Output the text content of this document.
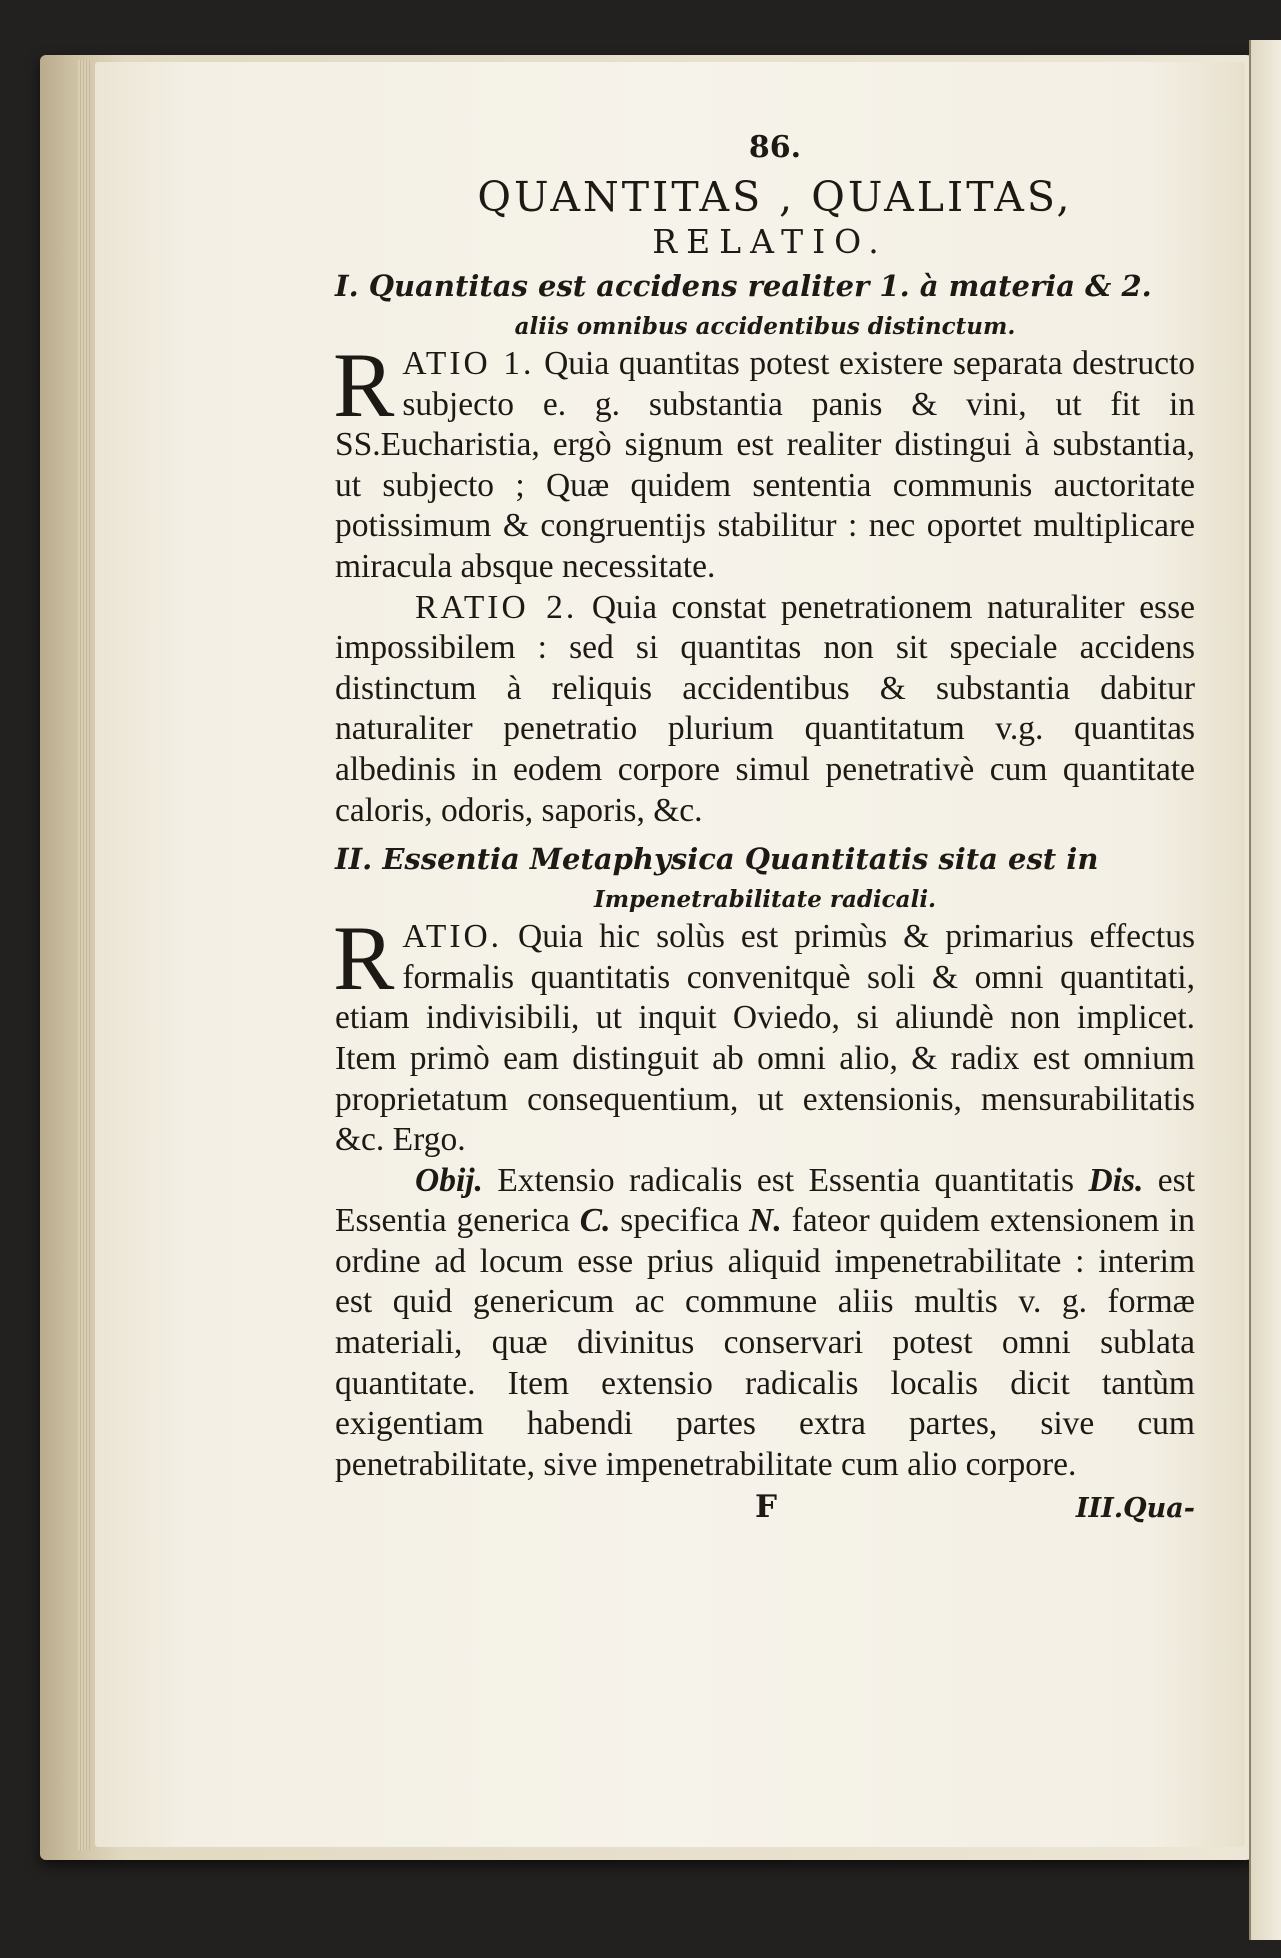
86.
QUANTITAS , QUALITAS,
RELATIO.
I. Quantitas est accidens realiter 1. à materia & 2.
aliis omnibus accidentibus distinctum.

R ATIO 1. Quia quantitas potest existere separata destructo subjecto e. g. substantia panis & vini, ut fit in SS.Eucharistia, ergò signum est realiter distingui à substantia, ut subjecto ; Quæ quidem sententia communis auctoritate potissimum & congruentijs stabilitur : nec oportet multiplicare miracula absque necessitate.

RATIO 2. Quia constat penetrationem naturaliter esse impossibilem : sed si quantitas non sit speciale accidens distinctum à reliquis accidentibus & substantia dabitur naturaliter penetratio plurium quantitatum v.g. quantitas albedinis in eodem corpore simul penetrativè cum quantitate caloris, odoris, saporis, &c.

II. Essentia Metaphysica Quantitatis sita est in
Impenetrabilitate radicali.

R ATIO. Quia hic solùs est primùs & primarius effectus formalis quantitatis convenitquè soli & omni quantitati, etiam indivisibili, ut inquit Oviedo, si aliundè non implicet. Item primò eam distinguit ab omni alio, & radix est omnium proprietatum consequentium, ut extensionis, mensurabilitatis &c. Ergo.

Obij. Extensio radicalis est Essentia quantitatis Dis. est Essentia generica C. specifica N. fateor quidem extensionem in ordine ad locum esse prius aliquid impenetrabilitate : interim est quid genericum ac commune aliis multis v. g. formæ materiali, quæ divinitus conservari potest omni sublata quantitate. Item extensio radicalis localis dicit tantùm exigentiam habendi partes extra partes, sive cum penetrabilitate, sive impenetrabilitate cum alio corpore.

F	III.Qua-
